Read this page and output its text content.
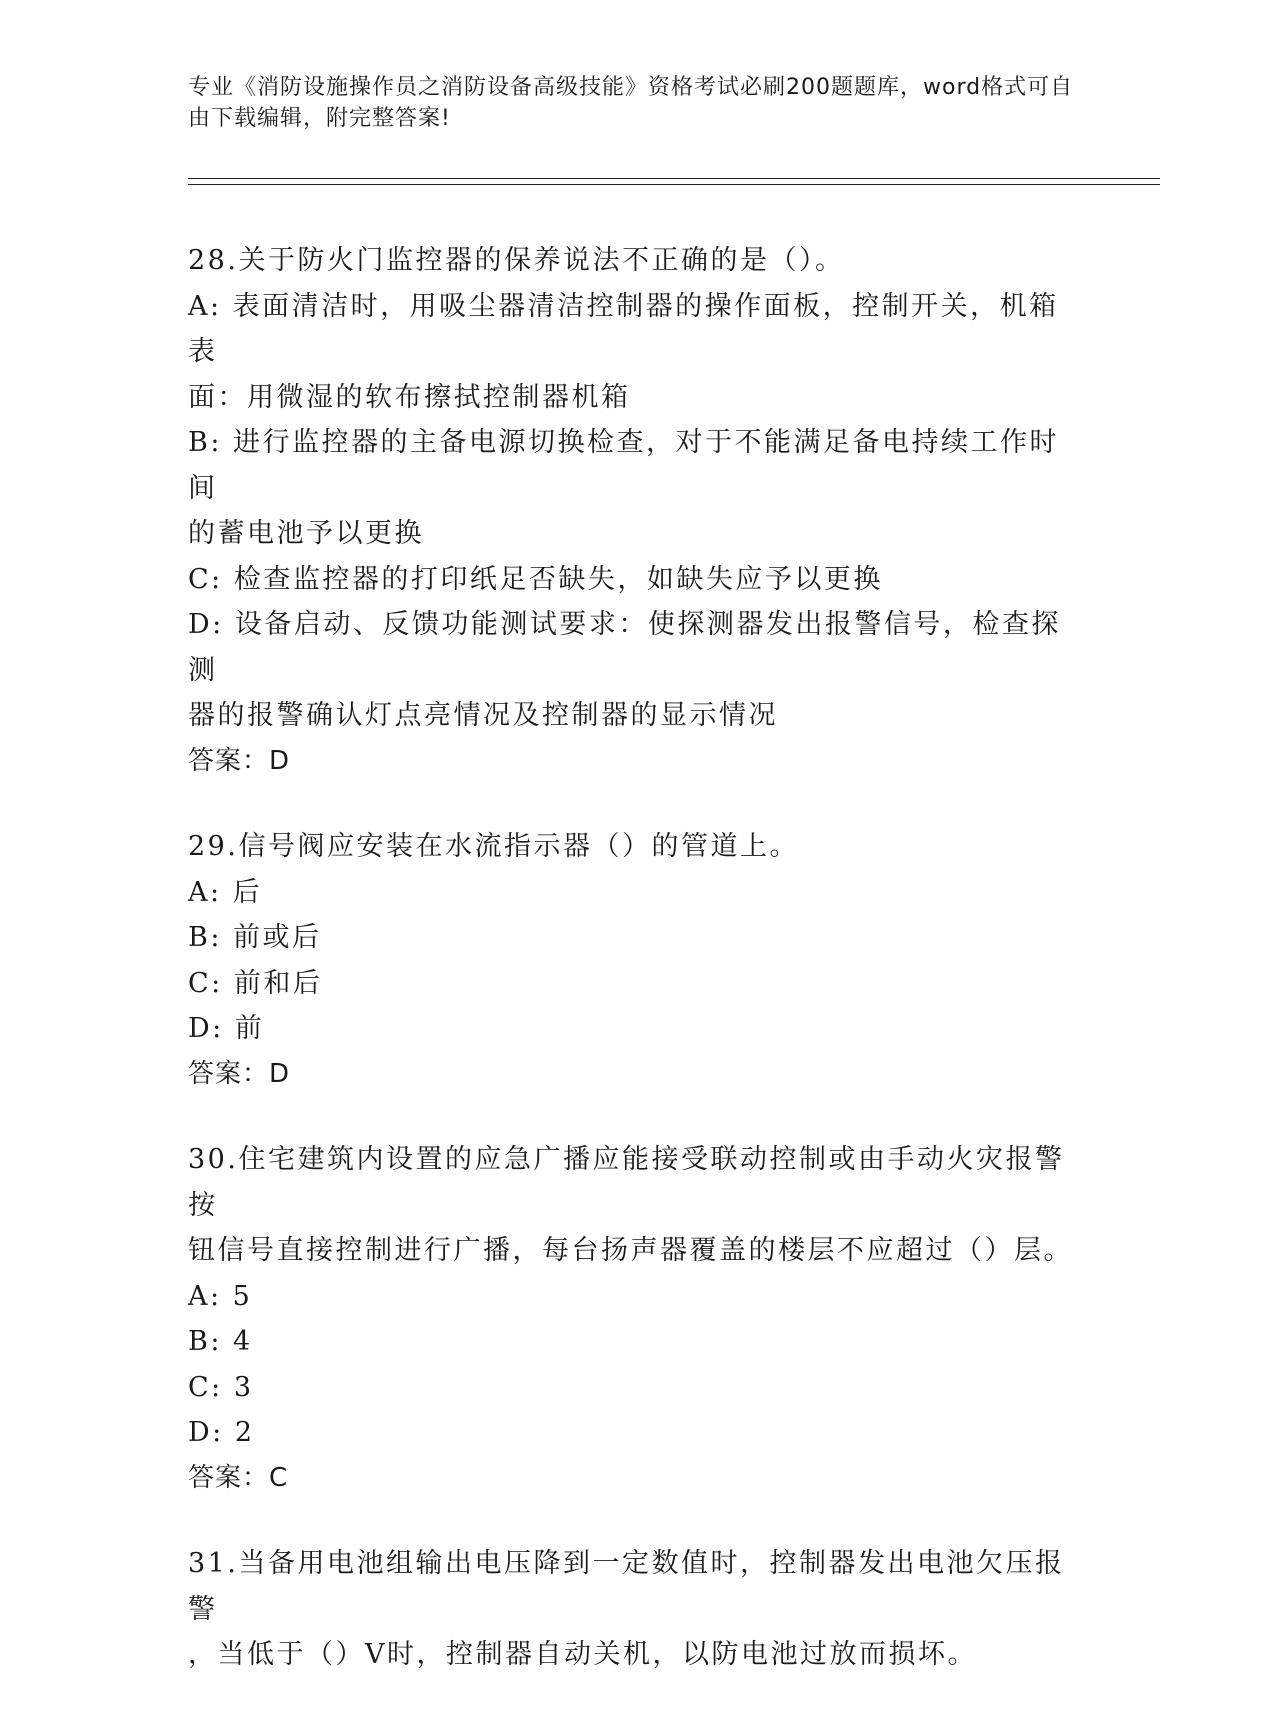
专业《消防设施操作员之消防设备高级技能》资格考试必刷200题题库，word格式可自由下载编辑，附完整答案!
28.关于防火门监控器的保养说法不正确的是（）。
A: 表面清洁时，用吸尘器清洁控制器的操作面板，控制开关，机箱表
面：用微湿的软布擦拭控制器机箱
B: 进行监控器的主备电源切换检查，对于不能满足备电持续工作时间
的蓄电池予以更换
C: 检查监控器的打印纸足否缺失，如缺失应予以更换
D: 设备启动、反馈功能测试要求：使探测器发出报警信号，检查探测
器的报警确认灯点亮情况及控制器的显示情况
答案：D
29.信号阀应安装在水流指示器（）的管道上。
A: 后
B: 前或后
C: 前和后
D: 前
答案：D
30.住宅建筑内设置的应急广播应能接受联动控制或由手动火灾报警按
钮信号直接控制进行广播，每台扬声器覆盖的楼层不应超过（）层。
A: 5
B: 4
C: 3
D: 2
答案：C
31.当备用电池组输出电压降到一定数值时，控制器发出电池欠压报警
，当低于（）V时，控制器自动关机，以防电池过放而损坏。
